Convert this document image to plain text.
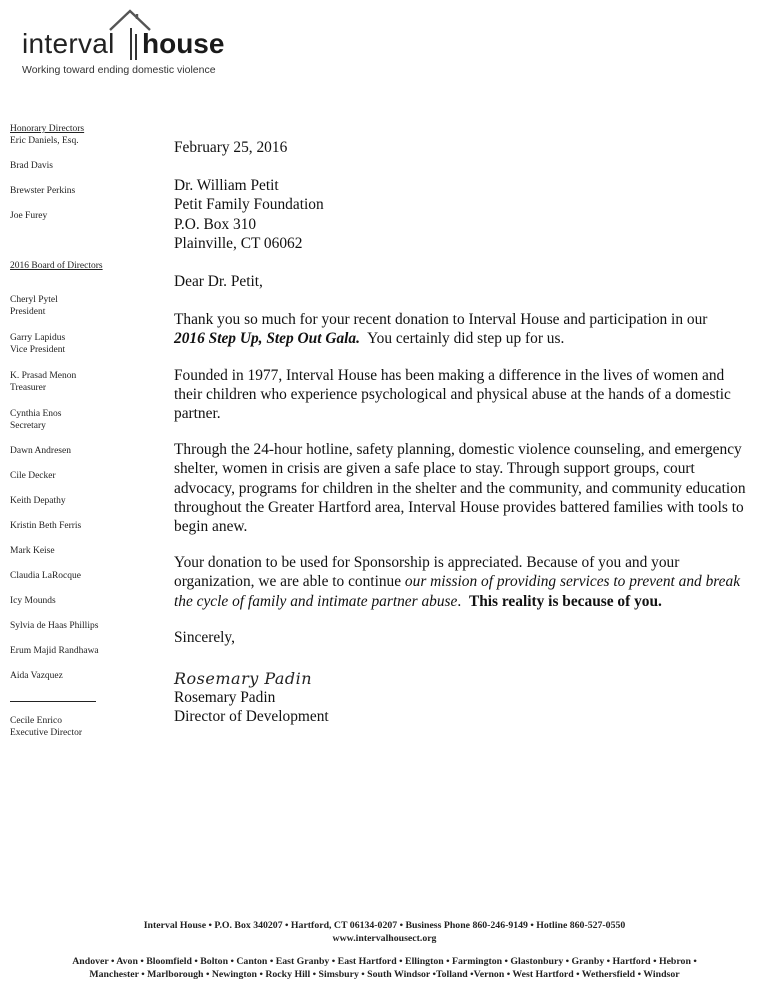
interval house
Working toward ending domestic violence
Honorary Directors
Eric Daniels, Esq.
Brad Davis
Brewster Perkins
Joe Furey
2016 Board of Directors
Cheryl Pytel
President
Garry Lapidus
Vice President
K. Prasad Menon
Treasurer
Cynthia Enos
Secretary
Dawn Andresen
Cile Decker
Keith Depathy
Kristin Beth Ferris
Mark Keise
Claudia LaRocque
Icy Mounds
Sylvia de Haas Phillips
Erum Majid Randhawa
Aida Vazquez
Cecile Enrico
Executive Director

February 25, 2016

Dr. William Petit
Petit Family Foundation
P.O. Box 310
Plainville, CT 06062

Dear Dr. Petit,

Thank you so much for your recent donation to Interval House and participation in our
2016 Step Up, Step Out Gala.  You certainly did step up for us.

Founded in 1977, Interval House has been making a difference in the lives of women and their children who experience psychological and physical abuse at the hands of a domestic partner.

Through the 24-hour hotline, safety planning, domestic violence counseling, and emergency shelter, women in crisis are given a safe place to stay. Through support groups, court advocacy, programs for children in the shelter and the community, and community education throughout the Greater Hartford area, Interval House provides battered families with tools to begin anew.

Your donation to be used for Sponsorship is appreciated. Because of you and your organization, we are able to continue our mission of providing services to prevent and break the cycle of family and intimate partner abuse.  This reality is because of you.

Sincerely,

Rosemary Padin
Rosemary Padin
Director of Development
Interval House • P.O. Box 340207 • Hartford, CT 06134-0207 • Business Phone 860-246-9149 • Hotline 860-527-0550
www.intervalhousect.org
Andover • Avon • Bloomfield • Bolton • Canton • East Granby • East Hartford • Ellington • Farmington • Glastonbury • Granby • Hartford • Hebron •
Manchester • Marlborough • Newington • Rocky Hill • Simsbury • South Windsor •Tolland •Vernon • West Hartford • Wethersfield • Windsor
